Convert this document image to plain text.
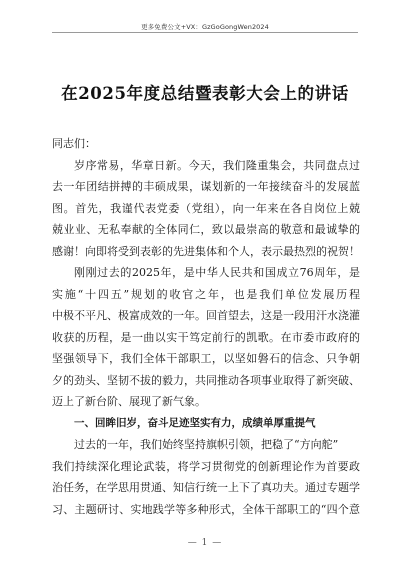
更多免费公文+VX：GzGoGongWen2024
在2025年度总结暨表彰大会上的讲话

同志们：

岁序常易，华章日新。今天，我们隆重集会，共同盘点过
去一年团结拼搏的丰硕成果，谋划新的一年接续奋斗的发展蓝
图。首先，我谨代表党委（党组），向一年来在各自岗位上兢
兢业业、无私奉献的全体同仁，致以最崇高的敬意和最诚挚的
感谢！向即将受到表彰的先进集体和个人，表示最热烈的祝贺！
刚刚过去的2025年，是中华人民共和国成立76周年，是
实施“十四五”规划的收官之年，也是我们单位发展历程
中极不平凡、极富成效的一年。回首望去，这是一段用汗水浇灌
收获的历程，是一曲以实干笃定前行的凯歌。在市委市政府的
坚强领导下，我们全体干部职工，以坚如磐石的信念、只争朝
夕的劲头、坚韧不拔的毅力，共同推动各项事业取得了新突破、
迈上了新台阶、展现了新气象。
一、回眸旧岁，奋斗足迹坚实有力，成绩单厚重提气
过去的一年，我们始终坚持旗帜引领，把稳了“方向舵”
我们持续深化理论武装，将学习贯彻党的创新理论作为首要政
治任务，在学思用贯通、知信行统一上下了真功夫。通过专题学
习、主题研讨、实地践学等多种形式，全体干部职工的“四个意
— 1 —
